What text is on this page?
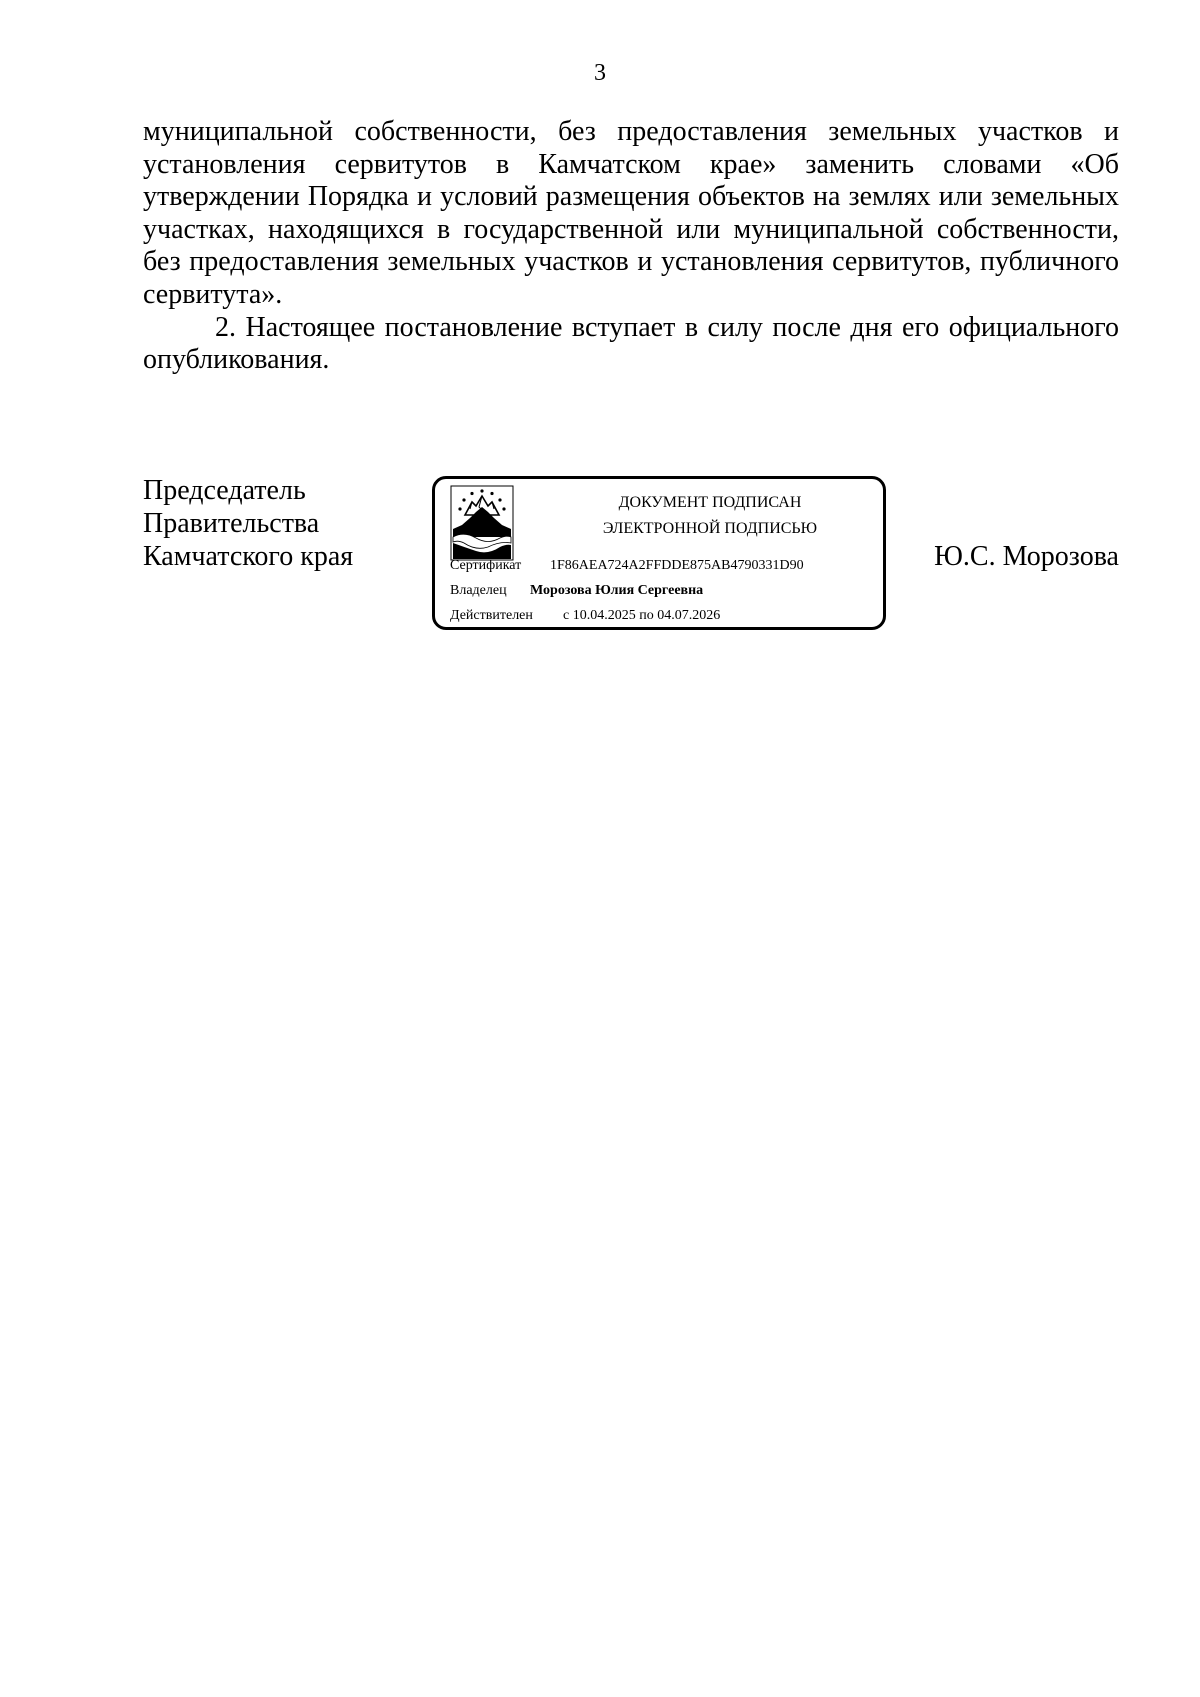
3

муниципальной собственности, без предоставления земельных участков и установления сервитутов в Камчатском крае» заменить словами «Об утверждении Порядка и условий размещения объектов на землях или земельных участках, находящихся в государственной или муниципальной собственности, без предоставления земельных участков и установления сервитутов, публичного сервитута».

2. Настоящее постановление вступает в силу после дня его официального опубликования.

Председатель
Правительства
Камчатского края	Ю.С. Морозова
ДОКУМЕНТ ПОДПИСАН
ЭЛЕКТРОННОЙ ПОДПИСЬЮ
Сертификат 1F86AEA724A2FFDDE875AB4790331D90
Владелец Морозова Юлия Сергеевна
Действителен с 10.04.2025 по 04.07.2026
